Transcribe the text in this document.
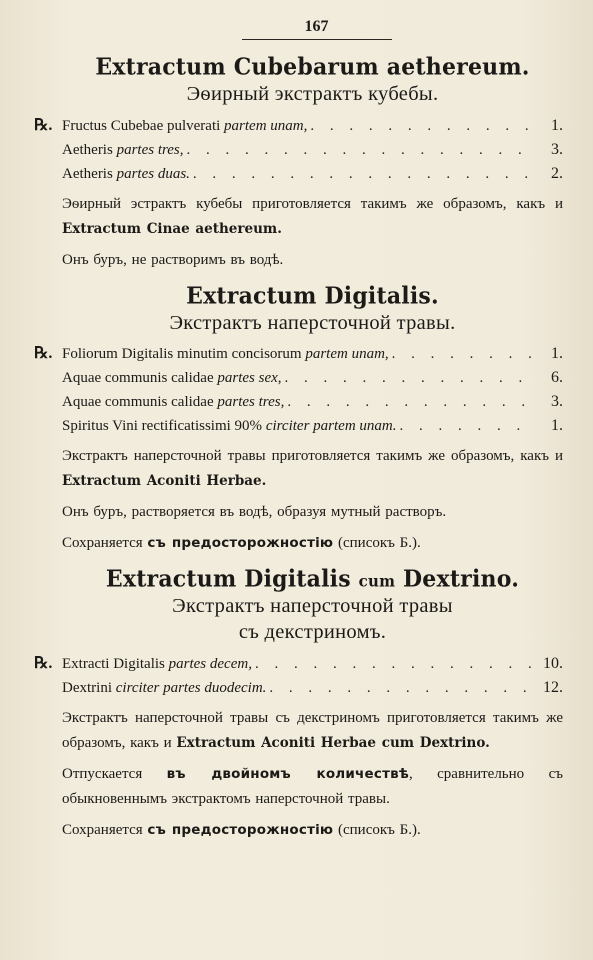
167
Extractum Cubebarum aethereum.
Эѳирный экстрактъ кубебы.
℞. Fructus Cubebae pulverati partem unam, . . .	1.
Aetheris partes tres, . . .	3.
Aetheris partes duas. . . .	2.
Эѳирный эстрактъ кубебы приготовляется такимъ же образомъ, какъ и Extractum Cinae aethereum.
Онъ буръ, не растворимъ въ водѣ.
Extractum Digitalis.
Экстрактъ наперсточной травы.
℞. Foliorum Digitalis minutim concisorum partem unam, . . .	1.
Aquae communis calidae partes sex, . . .	6.
Aquae communis calidae partes tres, . . .	3.
Spiritus Vini rectificatissimi 90% circiter partem unam. . . .	1.
Экстрактъ наперсточной травы приготовляется такимъ же образомъ, какъ и Extractum Aconiti Herbae.
Онъ буръ, растворяется въ водѣ, образуя мутный растворъ.
Сохраняется съ предосторожностію (списокъ Б.).
Extractum Digitalis cum Dextrino.
Экстрактъ наперсточной травы
съ декстриномъ.
℞. Extracti Digitalis partes decem, . . .	10.
Dextrini circiter partes duodecim. . . .	12.
Экстрактъ наперсточной травы съ декстриномъ приготовляется такимъ же образомъ, какъ и Extractum Aconiti Herbae cum Dextrino.
Отпускается въ двойномъ количествѣ, сравнительно съ обыкновеннымъ экстрактомъ наперсточной травы.
Сохраняется съ предосторожностію (списокъ Б.).
